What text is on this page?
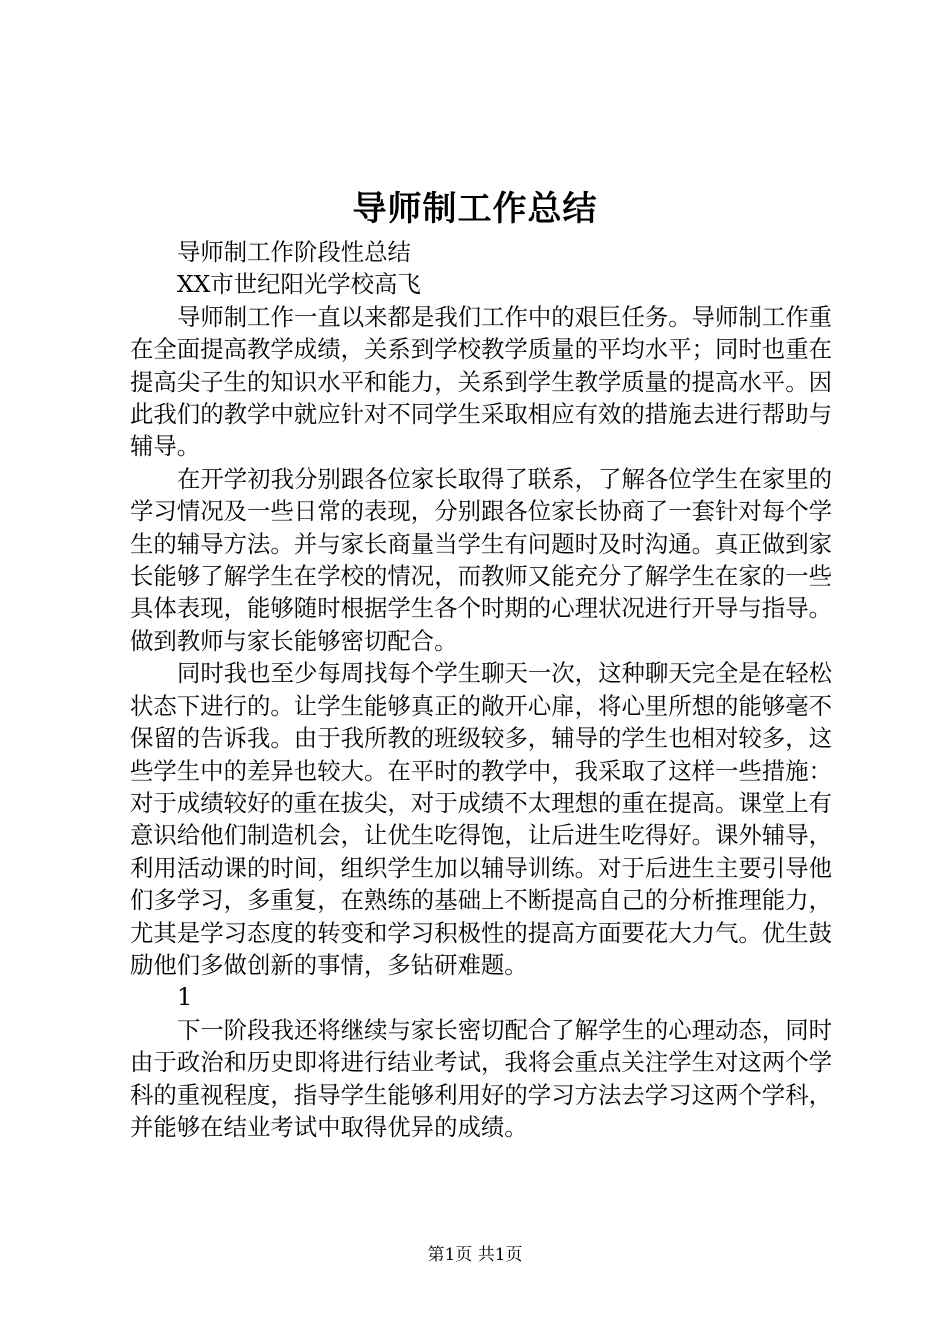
导师制工作总结

导师制工作阶段性总结

XX市世纪阳光学校高飞

导师制工作一直以来都是我们工作中的艰巨任务。导师制工作重在全面提高教学成绩，关系到学校教学质量的平均水平；同时也重在提高尖子生的知识水平和能力，关系到学生教学质量的提高水平。因此我们的教学中就应针对不同学生采取相应有效的措施去进行帮助与辅导。

在开学初我分别跟各位家长取得了联系，了解各位学生在家里的学习情况及一些日常的表现，分别跟各位家长协商了一套针对每个学生的辅导方法。并与家长商量当学生有问题时及时沟通。真正做到家长能够了解学生在学校的情况，而教师又能充分了解学生在家的一些具体表现，能够随时根据学生各个时期的心理状况进行开导与指导。做到教师与家长能够密切配合。

同时我也至少每周找每个学生聊天一次，这种聊天完全是在轻松状态下进行的。让学生能够真正的敞开心扉，将心里所想的能够毫不保留的告诉我。由于我所教的班级较多，辅导的学生也相对较多，这些学生中的差异也较大。在平时的教学中，我采取了这样一些措施：对于成绩较好的重在拔尖，对于成绩不太理想的重在提高。课堂上有意识给他们制造机会，让优生吃得饱，让后进生吃得好。课外辅导，利用活动课的时间，组织学生加以辅导训练。对于后进生主要引导他们多学习，多重复，在熟练的基础上不断提高自己的分析推理能力，尤其是学习态度的转变和学习积极性的提高方面要花大力气。优生鼓励他们多做创新的事情，多钻研难题。

1

下一阶段我还将继续与家长密切配合了解学生的心理动态，同时由于政治和历史即将进行结业考试，我将会重点关注学生对这两个学科的重视程度，指导学生能够利用好的学习方法去学习这两个学科，并能够在结业考试中取得优异的成绩。

第1页 共1页
